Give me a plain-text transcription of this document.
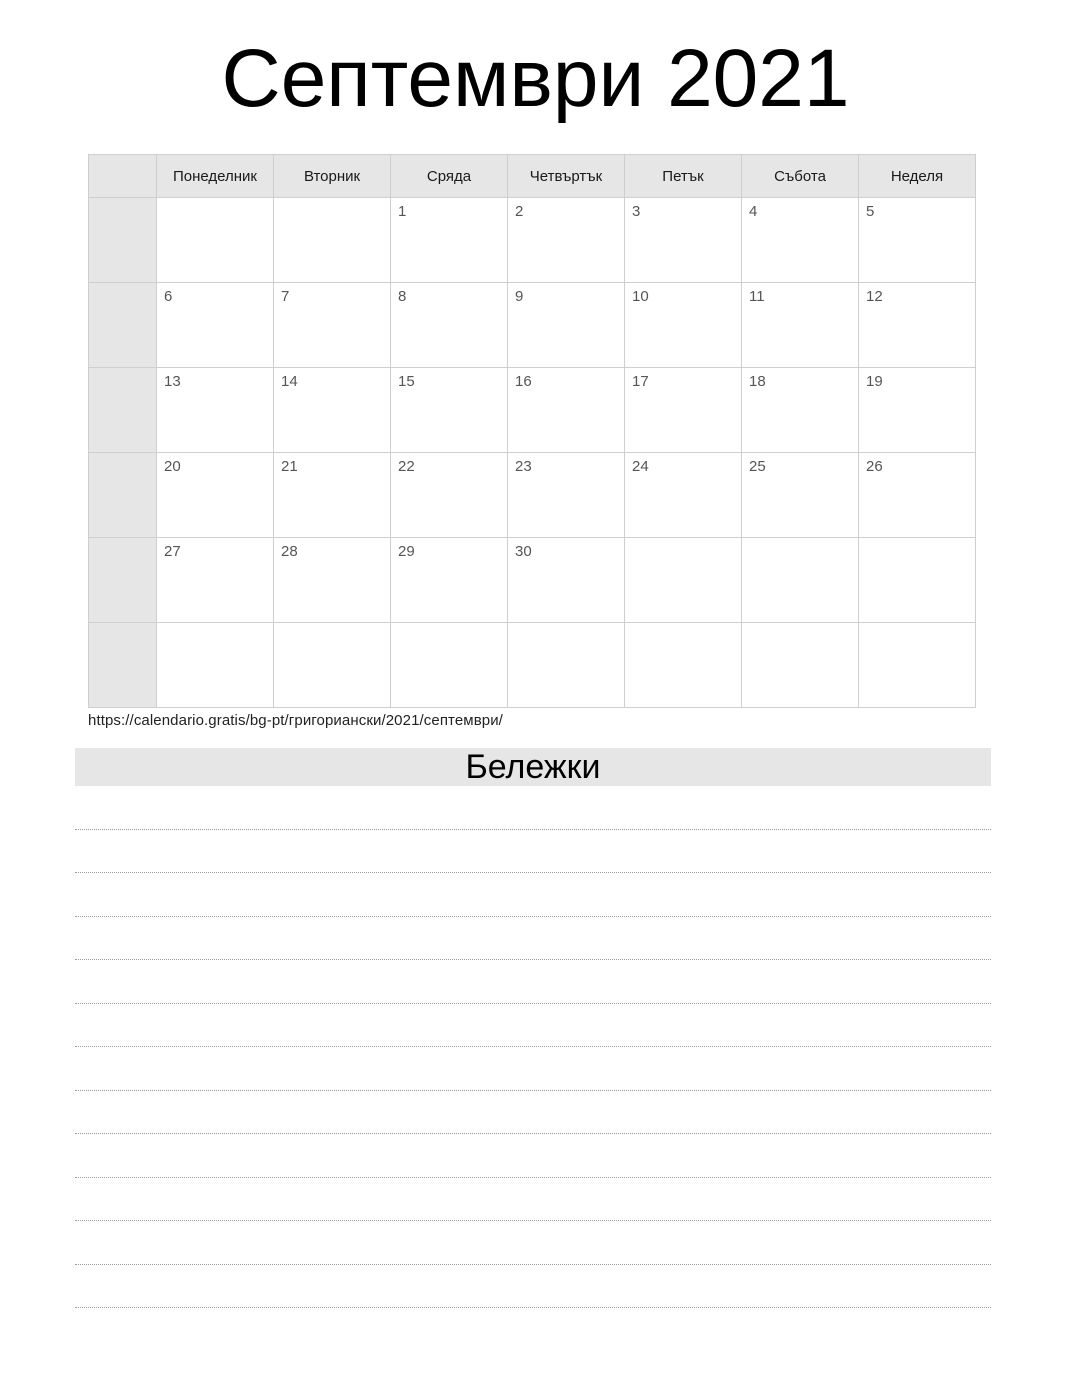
Септември 2021
	Понеделник	Вторник	Сряда	Четвъртък	Петък	Събота	Неделя

			1	2	3	4	5

	6	7	8	9	10	11	12

	13	14	15	16	17	18	19

	20	21	22	23	24	25	26

	27	28	29	30			

https://calendario.gratis/bg-pt/григориански/2021/септември/
Бележки
